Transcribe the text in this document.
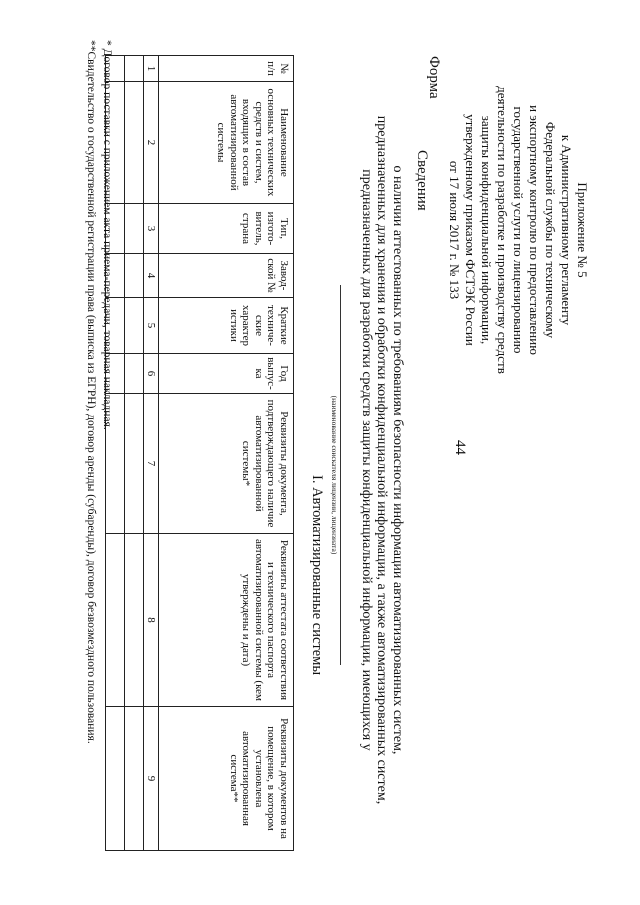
44
Приложение № 5
к Административному регламенту
Федеральной службы по техническому
и экспортному контролю по предоставлению
государственной услуги по лицензированию
деятельности по разработке и производству средств
защиты конфиденциальной информации,
утвержденному приказом ФСТЭК России
от 17 июля 2017 г. № 133
Форма
Сведения
о наличии аттестованных по требованиям безопасности информации автоматизированных систем,
предназначенных для хранения и обработки конфиденциальной информации, а также автоматизированных систем,
предназначенных для разработки средств защиты конфиденциальной информации, имеющихся у
(наименование соискателя лицензии, лицензиата)
I. Автоматизированные системы
№ п/п	Наименование основных технических средств и систем, входящих в состав автоматизированной системы	Тип, изгото-витель, страна	Завод-ской №	Краткие техниче-ские характер истики	Год выпус-ка	Реквизиты документа, подтверждающего наличие автоматизированной системы*	Реквизиты аттестата соответствия и технического паспорта автоматизированной системы (кем утверждены и дата)	Реквизиты документов на помещение, в котором установлена автоматизированная система**
1	2	3	4	5	6	7	8	9

* Договор поставки с приложением акта приема-передачи, товарная накладная.
**Свидетельство о государственной регистрации права (выписка из ЕГРН), договор аренды (субаренды), договор безвозмездного пользования.
